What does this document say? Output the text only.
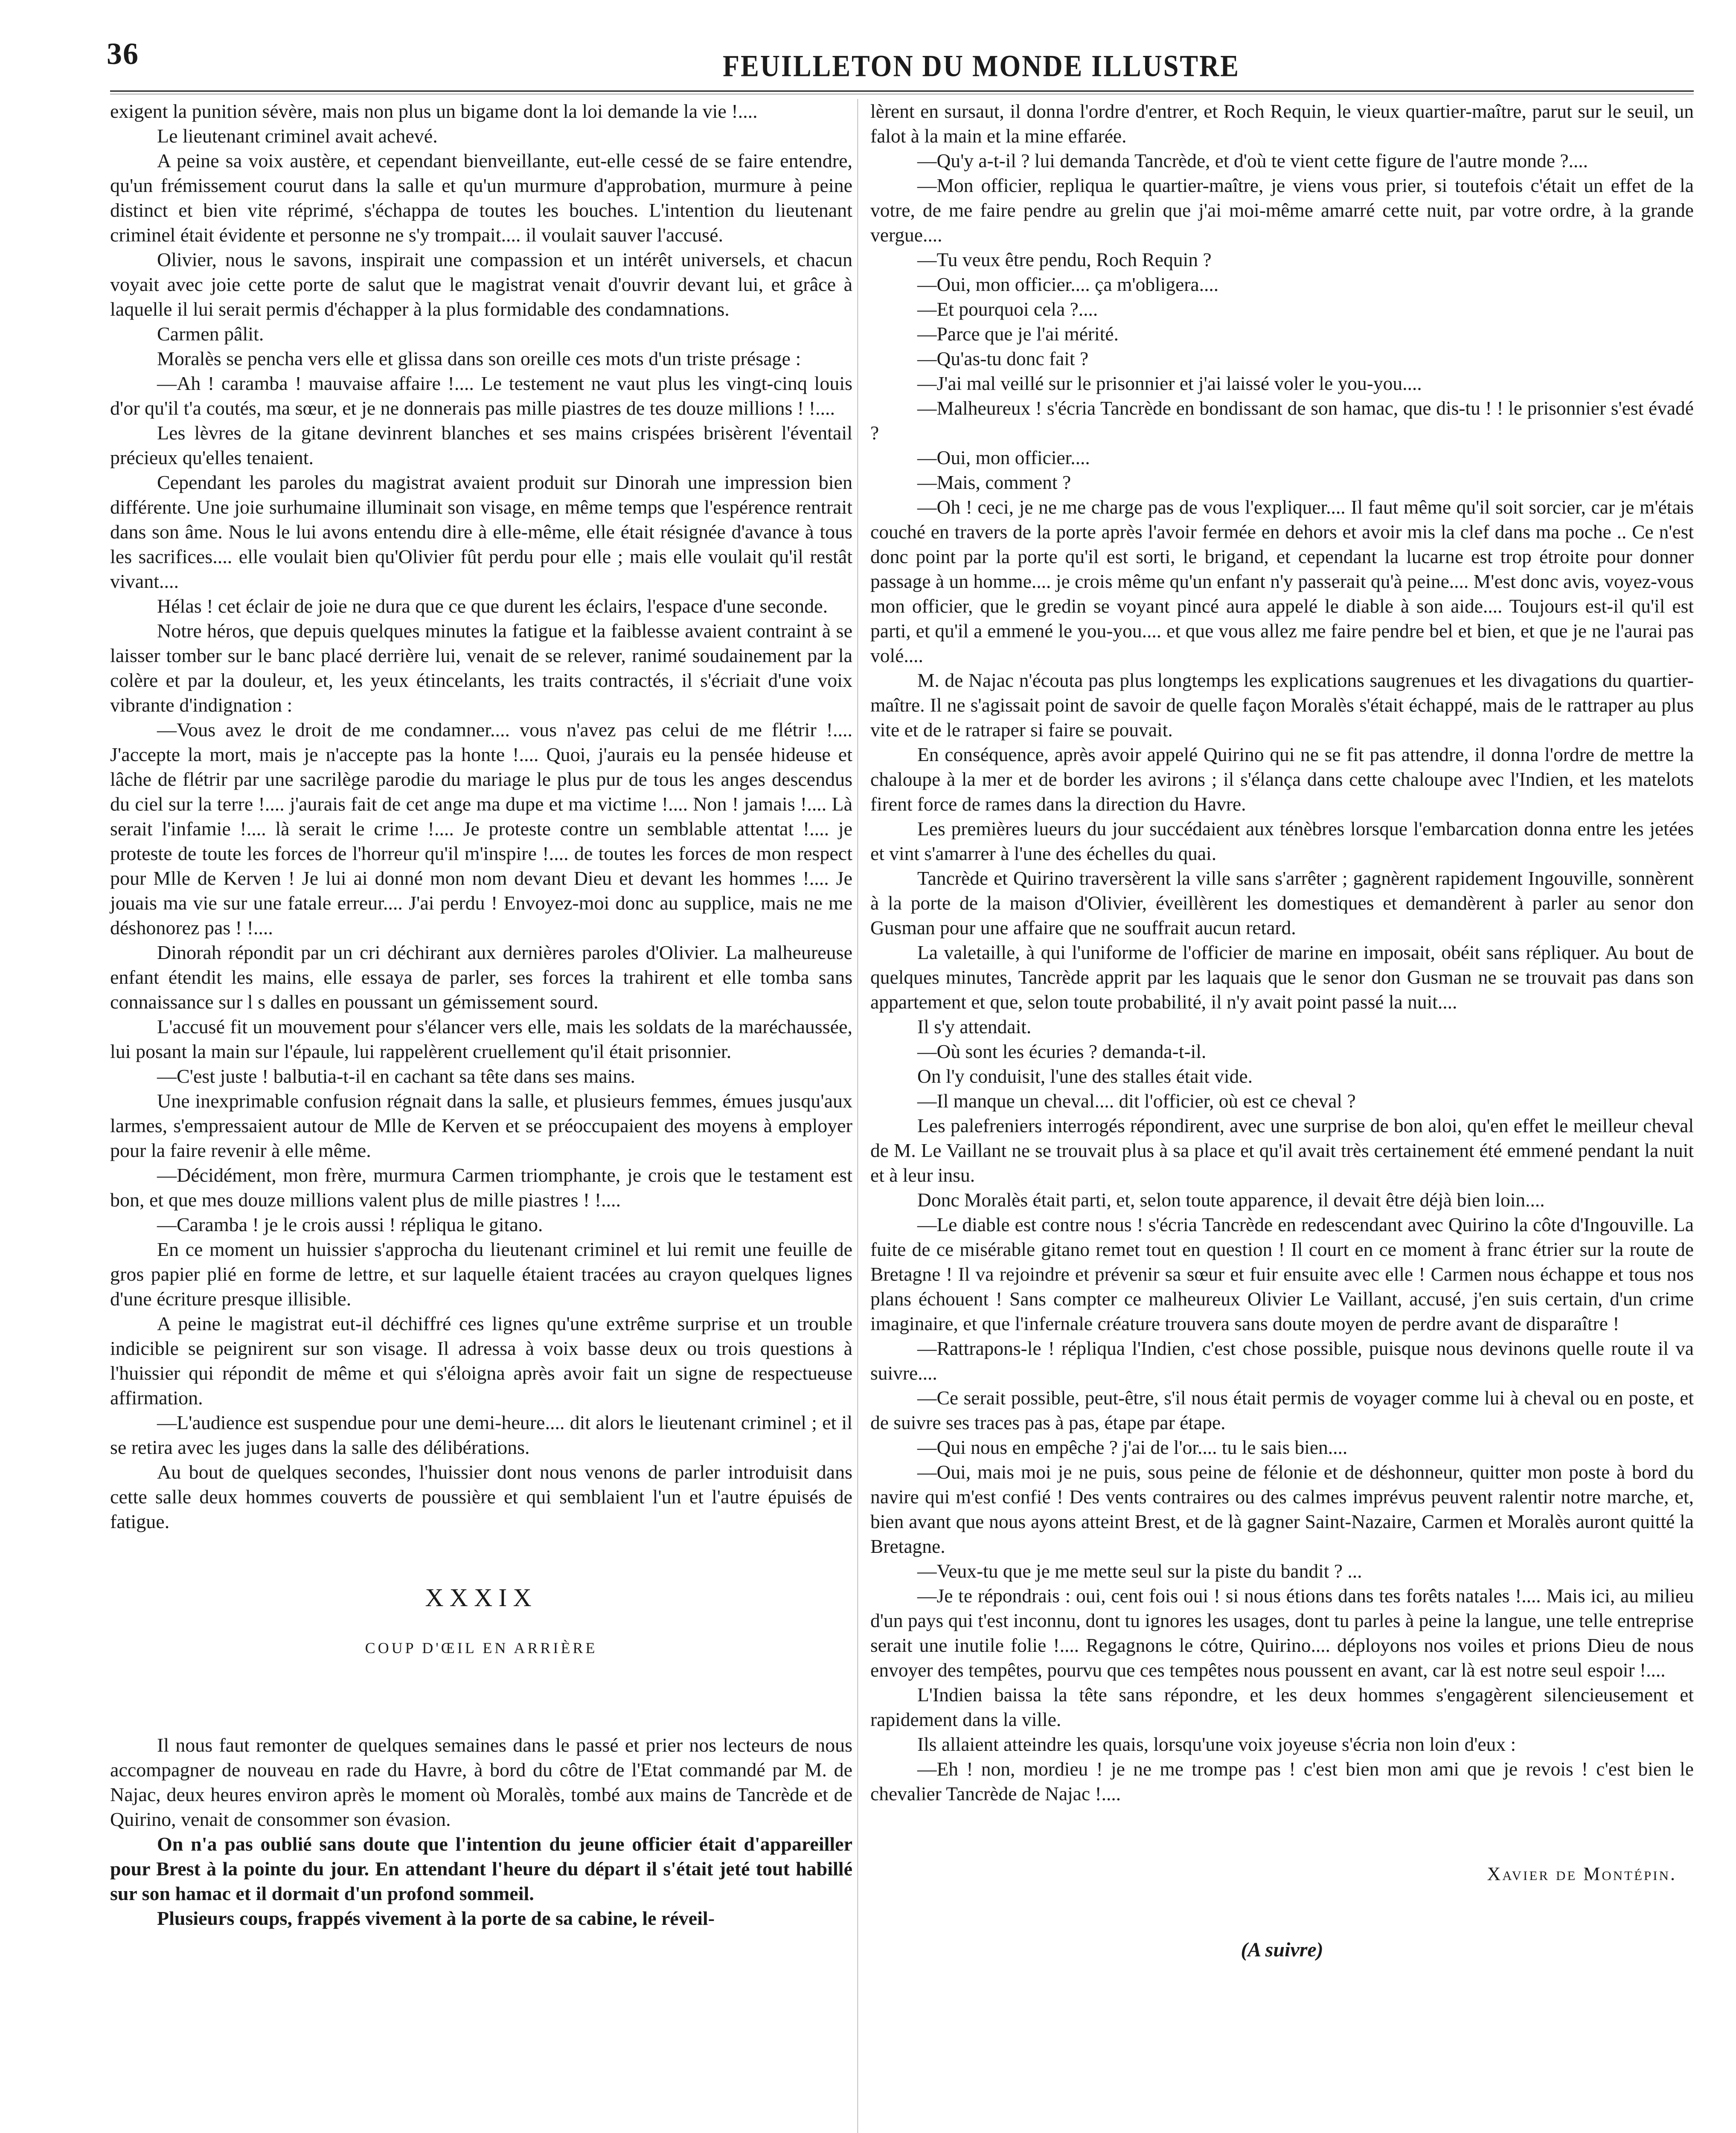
36	FEUILLETON DU MONDE ILLUSTRE

exigent la punition sévère, mais non plus un bigame dont la loi demande la vie !....

Le lieutenant criminel avait achevé.

A peine sa voix austère, et cependant bienveillante, eut-elle cessé de se faire entendre, qu'un frémissement courut dans la salle et qu'un murmure d'approbation, murmure à peine distinct et bien vite réprimé, s'échappa de toutes les bouches. L'intention du lieutenant criminel était évidente et personne ne s'y trompait.... il voulait sauver l'accusé.

Olivier, nous le savons, inspirait une compassion et un intérêt universels, et chacun voyait avec joie cette porte de salut que le magistrat venait d'ouvrir devant lui, et grâce à laquelle il lui serait permis d'échapper à la plus formidable des condamnations.

Carmen pâlit.

Moralès se pencha vers elle et glissa dans son oreille ces mots d'un triste présage :

—Ah ! caramba ! mauvaise affaire !.... Le testement ne vaut plus les vingt-cinq louis d'or qu'il t'a coutés, ma sœur, et je ne donnerais pas mille piastres de tes douze millions ! !....

Les lèvres de la gitane devinrent blanches et ses mains crispées brisèrent l'éventail précieux qu'elles tenaient.

Cependant les paroles du magistrat avaient produit sur Dinorah une impression bien différente. Une joie surhumaine illuminait son visage, en même temps que l'espérence rentrait dans son âme. Nous le lui avons entendu dire à elle-même, elle était résignée d'avance à tous les sacrifices.... elle voulait bien qu'Olivier fût perdu pour elle ; mais elle voulait qu'il restât vivant....

Hélas ! cet éclair de joie ne dura que ce que durent les éclairs, l'espace d'une seconde.

Notre héros, que depuis quelques minutes la fatigue et la faiblesse avaient contraint à se laisser tomber sur le banc placé derrière lui, venait de se relever, ranimé soudainement par la colère et par la douleur, et, les yeux étincelants, les traits contractés, il s'écriait d'une voix vibrante d'indignation :

—Vous avez le droit de me condamner.... vous n'avez pas celui de me flétrir !.... J'accepte la mort, mais je n'accepte pas la honte !.... Quoi, j'aurais eu la pensée hideuse et lâche de flétrir par une sacrilège parodie du mariage le plus pur de tous les anges descendus du ciel sur la terre !.... j'aurais fait de cet ange ma dupe et ma victime !.... Non ! jamais !.... Là serait l'infamie !.... là serait le crime !.... Je proteste contre un semblable attentat !.... je proteste de toute les forces de l'horreur qu'il m'inspire !.... de toutes les forces de mon respect pour Mlle de Kerven ! Je lui ai donné mon nom devant Dieu et devant les hommes !.... Je jouais ma vie sur une fatale erreur.... J'ai perdu ! Envoyez-moi donc au supplice, mais ne me déshonorez pas ! !....

Dinorah répondit par un cri déchirant aux dernières paroles d'Olivier. La malheureuse enfant étendit les mains, elle essaya de parler, ses forces la trahirent et elle tomba sans connaissance sur l s dalles en poussant un gémissement sourd.

L'accusé fit un mouvement pour s'élancer vers elle, mais les soldats de la maréchaussée, lui posant la main sur l'épaule, lui rappelèrent cruellement qu'il était prisonnier.

—C'est juste ! balbutia-t-il en cachant sa tête dans ses mains.

Une inexprimable confusion régnait dans la salle, et plusieurs femmes, émues jusqu'aux larmes, s'empressaient autour de Mlle de Kerven et se préoccupaient des moyens à employer pour la faire revenir à elle même.

—Décidément, mon frère, murmura Carmen triomphante, je crois que le testament est bon, et que mes douze millions valent plus de mille piastres ! !....

—Caramba ! je le crois aussi ! répliqua le gitano.

En ce moment un huissier s'approcha du lieutenant criminel et lui remit une feuille de gros papier plié en forme de lettre, et sur laquelle étaient tracées au crayon quelques lignes d'une écriture presque illisible.

A peine le magistrat eut-il déchiffré ces lignes qu'une extrême surprise et un trouble indicible se peignirent sur son visage. Il adressa à voix basse deux ou trois questions à l'huissier qui répondit de même et qui s'éloigna après avoir fait un signe de respectueuse affirmation.

—L'audience est suspendue pour une demi-heure.... dit alors le lieutenant criminel ; et il se retira avec les juges dans la salle des délibérations.

Au bout de quelques secondes, l'huissier dont nous venons de parler introduisit dans cette salle deux hommes couverts de poussière et qui semblaient l'un et l'autre épuisés de fatigue.

XXXIX
COUP D'ŒIL EN ARRIÈRE

Il nous faut remonter de quelques semaines dans le passé et prier nos lecteurs de nous accompagner de nouveau en rade du Havre, à bord du côtre de l'Etat commandé par M. de Najac, deux heures environ après le moment où Moralès, tombé aux mains de Tancrède et de Quirino, venait de consommer son évasion.

On n'a pas oublié sans doute que l'intention du jeune officier était d'appareiller pour Brest à la pointe du jour. En attendant l'heure du départ il s'était jeté tout habillé sur son hamac et il dormait d'un profond sommeil.

Plusieurs coups, frappés vivement à la porte de sa cabine, le réveil-

lèrent en sursaut, il donna l'ordre d'entrer, et Roch Requin, le vieux quartier-maître, parut sur le seuil, un falot à la main et la mine effarée.

—Qu'y a-t-il ? lui demanda Tancrède, et d'où te vient cette figure de l'autre monde ?....

—Mon officier, repliqua le quartier-maître, je viens vous prier, si toutefois c'était un effet de la votre, de me faire pendre au grelin que j'ai moi-même amarré cette nuit, par votre ordre, à la grande vergue....

—Tu veux être pendu, Roch Requin ?

—Oui, mon officier.... ça m'obligera....

—Et pourquoi cela ?....

—Parce que je l'ai mérité.

—Qu'as-tu donc fait ?

—J'ai mal veillé sur le prisonnier et j'ai laissé voler le you-you....

—Malheureux ! s'écria Tancrède en bondissant de son hamac, que dis-tu ! ! le prisonnier s'est évadé ?

—Oui, mon officier....

—Mais, comment ?

—Oh ! ceci, je ne me charge pas de vous l'expliquer.... Il faut même qu'il soit sorcier, car je m'étais couché en travers de la porte après l'avoir fermée en dehors et avoir mis la clef dans ma poche .. Ce n'est donc point par la porte qu'il est sorti, le brigand, et cependant la lucarne est trop étroite pour donner passage à un homme.... je crois même qu'un enfant n'y passerait qu'à peine.... M'est donc avis, voyez-vous mon officier, que le gredin se voyant pincé aura appelé le diable à son aide.... Toujours est-il qu'il est parti, et qu'il a emmené le you-you.... et que vous allez me faire pendre bel et bien, et que je ne l'aurai pas volé....

M. de Najac n'écouta pas plus longtemps les explications saugrenues et les divagations du quartier-maître. Il ne s'agissait point de savoir de quelle façon Moralès s'était échappé, mais de le rattraper au plus vite et de le ratraper si faire se pouvait.

En conséquence, après avoir appelé Quirino qui ne se fit pas attendre, il donna l'ordre de mettre la chaloupe à la mer et de border les avirons ; il s'élança dans cette chaloupe avec l'Indien, et les matelots firent force de rames dans la direction du Havre.

Les premières lueurs du jour succédaient aux ténèbres lorsque l'embarcation donna entre les jetées et vint s'amarrer à l'une des échelles du quai.

Tancrède et Quirino traversèrent la ville sans s'arrêter ; gagnèrent rapidement Ingouville, sonnèrent à la porte de la maison d'Olivier, éveillèrent les domestiques et demandèrent à parler au senor don Gusman pour une affaire que ne souffrait aucun retard.

La valetaille, à qui l'uniforme de l'officier de marine en imposait, obéit sans répliquer. Au bout de quelques minutes, Tancrède apprit par les laquais que le senor don Gusman ne se trouvait pas dans son appartement et que, selon toute probabilité, il n'y avait point passé la nuit....

Il s'y attendait.

—Où sont les écuries ? demanda-t-il.

On l'y conduisit, l'une des stalles était vide.

—Il manque un cheval.... dit l'officier, où est ce cheval ?

Les palefreniers interrogés répondirent, avec une surprise de bon aloi, qu'en effet le meilleur cheval de M. Le Vaillant ne se trouvait plus à sa place et qu'il avait très certainement été emmené pendant la nuit et à leur insu.

Donc Moralès était parti, et, selon toute apparence, il devait être déjà bien loin....

—Le diable est contre nous ! s'écria Tancrède en redescendant avec Quirino la côte d'Ingouville. La fuite de ce misérable gitano remet tout en question ! Il court en ce moment à franc étrier sur la route de Bretagne ! Il va rejoindre et prévenir sa sœur et fuir ensuite avec elle ! Carmen nous échappe et tous nos plans échouent ! Sans compter ce malheureux Olivier Le Vaillant, accusé, j'en suis certain, d'un crime imaginaire, et que l'infernale créature trouvera sans doute moyen de perdre avant de disparaître !

—Rattrapons-le ! répliqua l'Indien, c'est chose possible, puisque nous devinons quelle route il va suivre....

—Ce serait possible, peut-être, s'il nous était permis de voyager comme lui à cheval ou en poste, et de suivre ses traces pas à pas, étape par étape.

—Qui nous en empêche ? j'ai de l'or.... tu le sais bien....

—Oui, mais moi je ne puis, sous peine de félonie et de déshonneur, quitter mon poste à bord du navire qui m'est confié ! Des vents contraires ou des calmes imprévus peuvent ralentir notre marche, et, bien avant que nous ayons atteint Brest, et de là gagner Saint-Nazaire, Carmen et Moralès auront quitté la Bretagne.

—Veux-tu que je me mette seul sur la piste du bandit ? ...

—Je te répondrais : oui, cent fois oui ! si nous étions dans tes forêts natales !.... Mais ici, au milieu d'un pays qui t'est inconnu, dont tu ignores les usages, dont tu parles à peine la langue, une telle entreprise serait une inutile folie !.... Regagnons le cótre, Quirino.... déployons nos voiles et prions Dieu de nous envoyer des tempêtes, pourvu que ces tempêtes nous poussent en avant, car là est notre seul espoir !....

L'Indien baissa la tête sans répondre, et les deux hommes s'engagèrent silencieusement et rapidement dans la ville.

Ils allaient atteindre les quais, lorsqu'une voix joyeuse s'écria non loin d'eux :

—Eh ! non, mordieu ! je ne me trompe pas ! c'est bien mon ami que je revois ! c'est bien le chevalier Tancrède de Najac !....

Xavier de Montépin.
(A suivre)
